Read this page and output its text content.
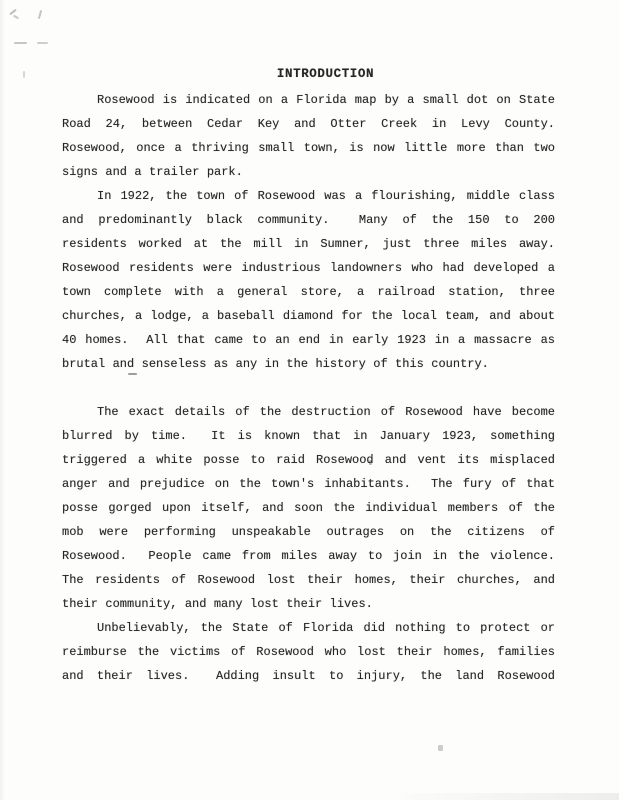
INTRODUCTION
Rosewood is indicated on a Florida map by a small dot on State
Road 24, between Cedar Key and Otter Creek in Levy County.
Rosewood, once a thriving small town, is now little more than two
signs and a trailer park.
In 1922, the town of Rosewood was a flourishing, middle class
and predominantly black community.  Many of the 150 to 200
residents worked at the mill in Sumner, just three miles away.
Rosewood residents were industrious landowners who had developed a
town complete with a general store, a railroad station, three
churches, a lodge, a baseball diamond for the local team, and about
40 homes.  All that came to an end in early 1923 in a massacre as
brutal and senseless as any in the history of this country.
The exact details of the destruction of Rosewood have become
blurred by time.  It is known that in January 1923, something
triggered a white posse to raid Rosewood and vent its misplaced
anger and prejudice on the town's inhabitants.  The fury of that
posse gorged upon itself, and soon the individual members of the
mob were performing unspeakable outrages on the citizens of
Rosewood.  People came from miles away to join in the violence.
The residents of Rosewood lost their homes, their churches, and
their community, and many lost their lives.
Unbelievably, the State of Florida did nothing to protect or
reimburse the victims of Rosewood who lost their homes, families
and their lives.  Adding insult to injury, the land Rosewood
